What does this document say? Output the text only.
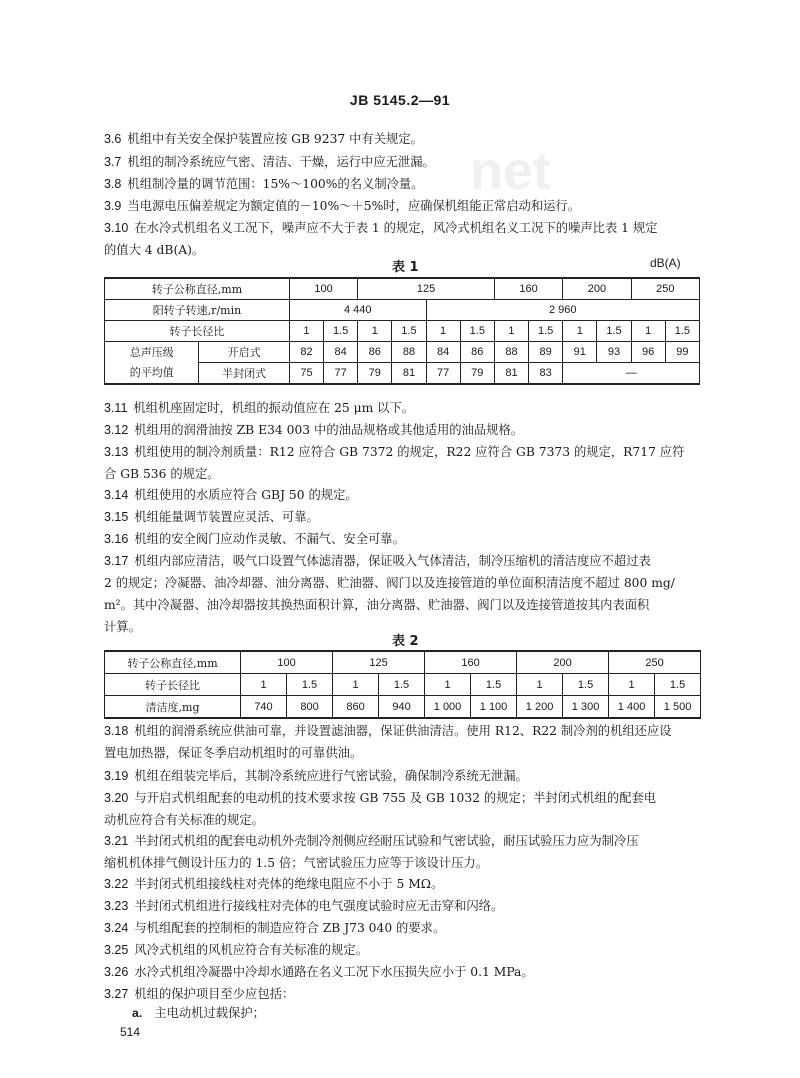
net
JB 5145.2—91
3.6 机组中有关安全保护装置应按 GB 9237 中有关规定。
3.7 机组的制冷系统应气密、清洁、干燥，运行中应无泄漏。
3.8 机组制冷量的调节范围：15%～100%的名义制冷量。
3.9 当电源电压偏差规定为额定值的－10%～＋5%时，应确保机组能正常启动和运行。
3.10 在水冷式机组名义工况下，噪声应不大于表 1 的规定，风冷式机组名义工况下的噪声比表 1 规定
的值大 4 dB(A)。
表 1	dB(A)
转子公称直径,mm		100		125				160		200		250	
阳转子转速,r/min		4 440				2 960							
转子长径比		1	1.5	1	1.5	1	1.5	1	1.5	1	1.5	1	1.5
总声压级
的平均值	开启式	82	84	86	88	84	86	88	89	91	93	96	99
	半封闭式	75	77	79	81	77	79	81	83	—			
3.11 机组机座固定时，机组的振动值应在 25 μm 以下。
3.12 机组用的润滑油按 ZB E34 003 中的油品规格或其他适用的油品规格。
3.13 机组使用的制冷剂质量：R12 应符合 GB 7372 的规定，R22 应符合 GB 7373 的规定，R717 应符
合 GB 536 的规定。
3.14 机组使用的水质应符合 GBJ 50 的规定。
3.15 机组能量调节装置应灵活、可靠。
3.16 机组的安全阀门应动作灵敏、不漏气、安全可靠。
3.17 机组内部应清洁，吸气口设置气体滤清器，保证吸入气体清洁，制冷压缩机的清洁度应不超过表
2 的规定；冷凝器、油冷却器、油分离器、贮油器、阀门以及连接管道的单位面积清洁度不超过 800 mg/
m²。其中冷凝器、油冷却器按其换热面积计算，油分离器、贮油器、阀门以及连接管道按其内表面积
计算。
表 2
转子公称直径,mm	100		125		160		200		250	
转子长径比	1	1.5	1	1.5	1	1.5	1	1.5	1	1.5
清洁度,mg	740	800	860	940	1 000	1 100	1 200	1 300	1 400	1 500
3.18 机组的润滑系统应供油可靠，并设置滤油器，保证供油清洁。使用 R12、R22 制冷剂的机组还应设
置电加热器，保证冬季启动机组时的可靠供油。
3.19 机组在组装完毕后，其制冷系统应进行气密试验，确保制冷系统无泄漏。
3.20 与开启式机组配套的电动机的技术要求按 GB 755 及 GB 1032 的规定；半封闭式机组的配套电
动机应符合有关标准的规定。
3.21 半封闭式机组的配套电动机外壳制冷剂侧应经耐压试验和气密试验，耐压试验压力应为制冷压
缩机机体排气侧设计压力的 1.5 倍；气密试验压力应等于该设计压力。
3.22 半封闭式机组接线柱对壳体的绝缘电阻应不小于 5 MΩ。
3.23 半封闭式机组进行接线柱对壳体的电气强度试验时应无击穿和闪络。
3.24 与机组配套的控制柜的制造应符合 ZB J73 040 的要求。
3.25 风冷式机组的风机应符合有关标准的规定。
3.26 水冷式机组冷凝器中冷却水通路在名义工况下水压损失应小于 0.1 MPa。
3.27 机组的保护项目至少应包括：
a. 主电动机过载保护；
514
